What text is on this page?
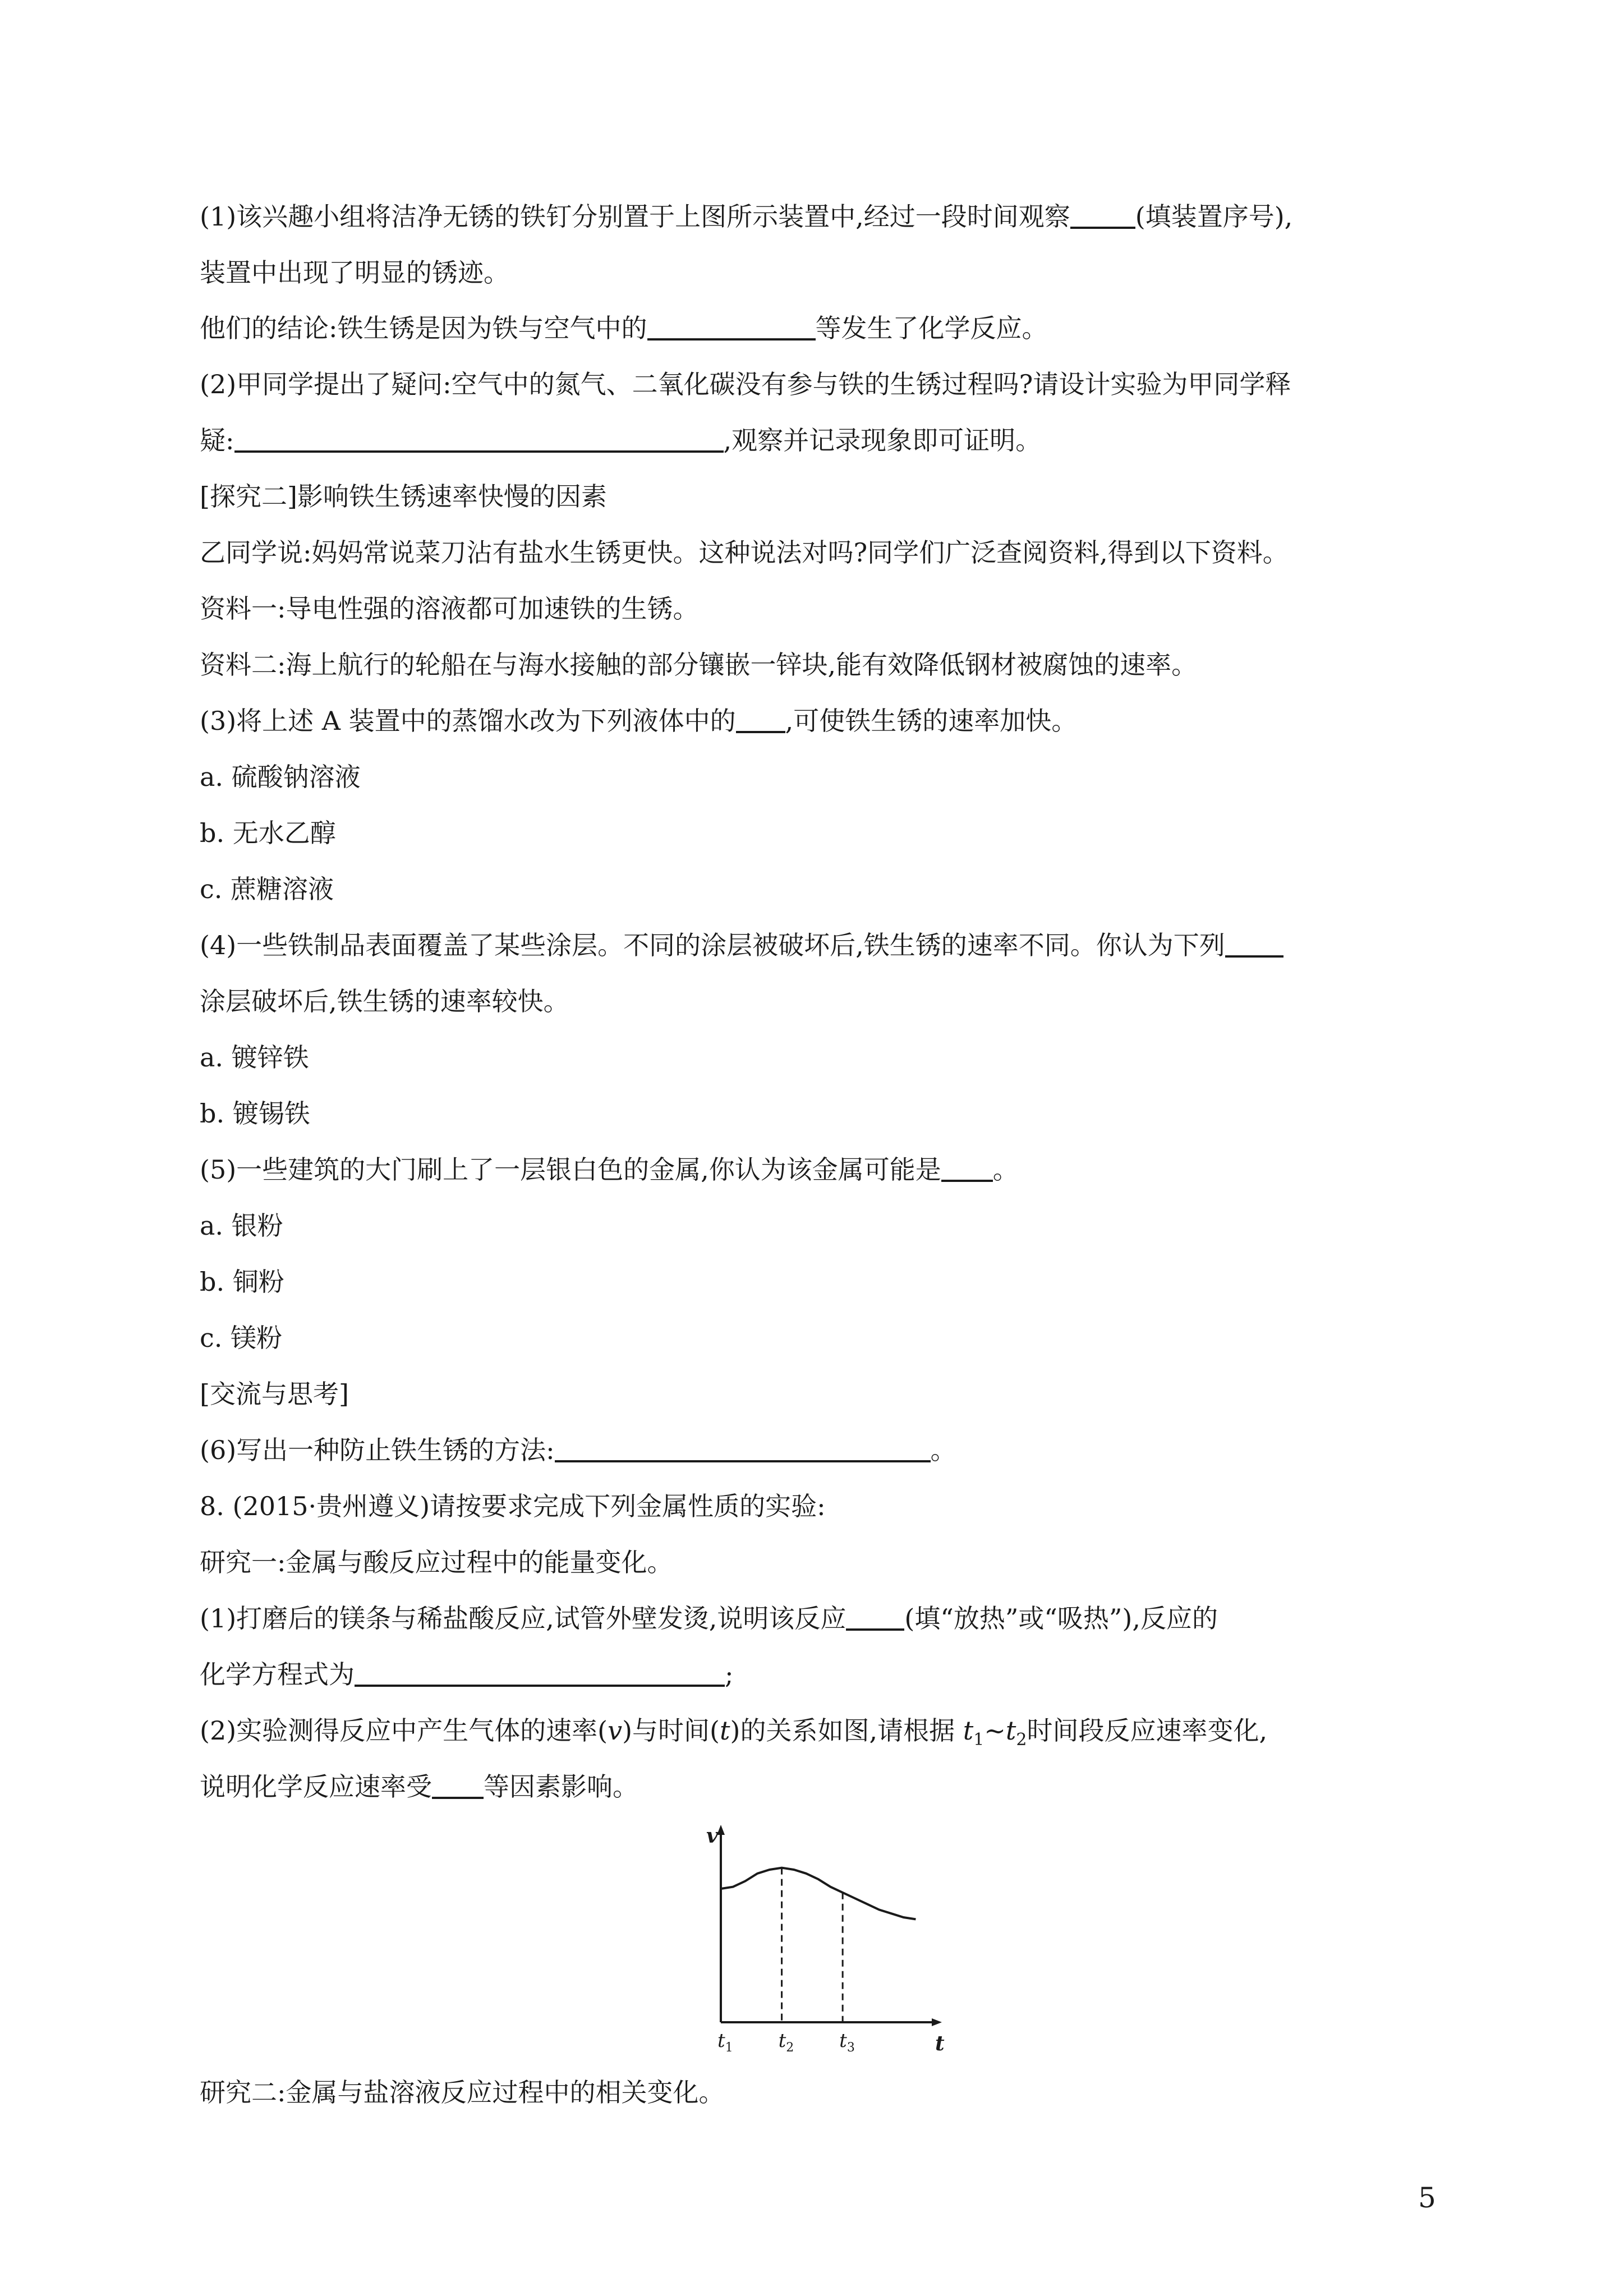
(1)该兴趣小组将洁净无锈的铁钉分别置于上图所示装置中,经过一段时间观察	(填装置序号),
装置中出现了明显的锈迹。
他们的结论:铁生锈是因为铁与空气中的	等发生了化学反应。
(2)甲同学提出了疑问:空气中的氮气、二氧化碳没有参与铁的生锈过程吗?请设计实验为甲同学释
疑:	,观察并记录现象即可证明。
[探究二]影响铁生锈速率快慢的因素
乙同学说:妈妈常说菜刀沾有盐水生锈更快。这种说法对吗?同学们广泛查阅资料,得到以下资料。
资料一:导电性强的溶液都可加速铁的生锈。
资料二:海上航行的轮船在与海水接触的部分镶嵌一锌块,能有效降低钢材被腐蚀的速率。
(3)将上述 A 装置中的蒸馏水改为下列液体中的 ,可使铁生锈的速率加快。
a. 硫酸钠溶液
b. 无水乙醇
c. 蔗糖溶液
(4)一些铁制品表面覆盖了某些涂层。不同的涂层被破坏后,铁生锈的速率不同。你认为下列
涂层破坏后,铁生锈的速率较快。
a. 镀锌铁
b. 镀锡铁
(5)一些建筑的大门刷上了一层银白色的金属,你认为该金属可能是 。
a. 银粉
b. 铜粉
c. 镁粉
[交流与思考]
(6)写出一种防止铁生锈的方法:	。
8. (2015·贵州遵义)请按要求完成下列金属性质的实验:
研究一:金属与酸反应过程中的能量变化。
(1)打磨后的镁条与稀盐酸反应,试管外壁发烫,说明该反应 (填“放热”或“吸热”),反应的
化学方程式为	;
(2)实验测得反应中产生气体的速率(v)与时间(t)的关系如图,请根据 $t_1\sim t_2$时间段反应速率变化,
说明化学反应速率受 等因素影响。
v
t
$t_1$ $t_2$ $t_3$
研究二:金属与盐溶液反应过程中的相关变化。
5
